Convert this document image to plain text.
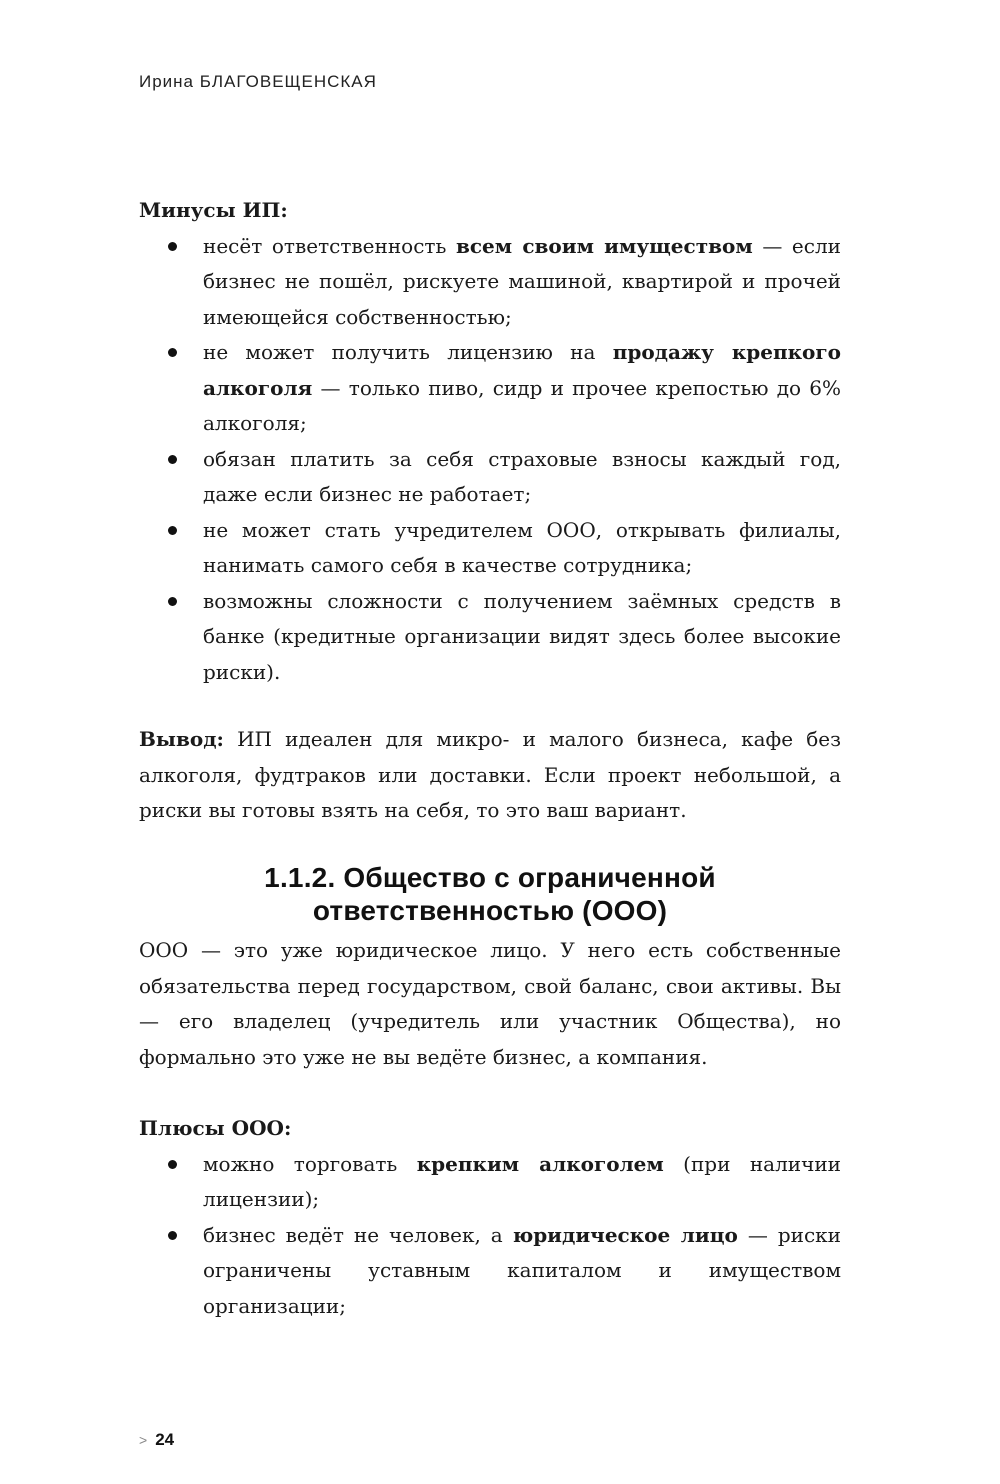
Ирина БЛАГОВЕЩЕНСКАЯ

Минусы ИП:

несёт ответственность всем своим имуществом — если бизнес не пошёл, рискуете машиной, квартирой и прочей имеющейся собственностью;
не может получить лицензию на продажу крепкого алкоголя — только пиво, сидр и прочее крепостью до 6% алкоголя;
обязан платить за себя страховые взносы каждый год, даже если бизнес не работает;
не может стать учредителем ООО, открывать филиалы, нанимать самого себя в качестве сотрудника;
возможны сложности с получением заёмных средств в банке (кредитные организации видят здесь более высокие риски).

Вывод: ИП идеален для микро- и малого бизнеса, кафе без алкоголя, фудтраков или доставки. Если проект небольшой, а риски вы готовы взять на себя, то это ваш вариант.

1.1.2. Общество с ограниченной

ответственностью (ООО)

ООО — это уже юридическое лицо. У него есть собственные обязательства перед государством, свой баланс, свои активы. Вы — его владелец (учредитель или участник Общества), но формально это уже не вы ведёте бизнес, а компания.

Плюсы ООО:

можно торговать крепким алкоголем (при наличии лицензии);
бизнес ведёт не человек, а юридическое лицо — риски ограничены уставным капиталом и имуществом организации;
> 24
